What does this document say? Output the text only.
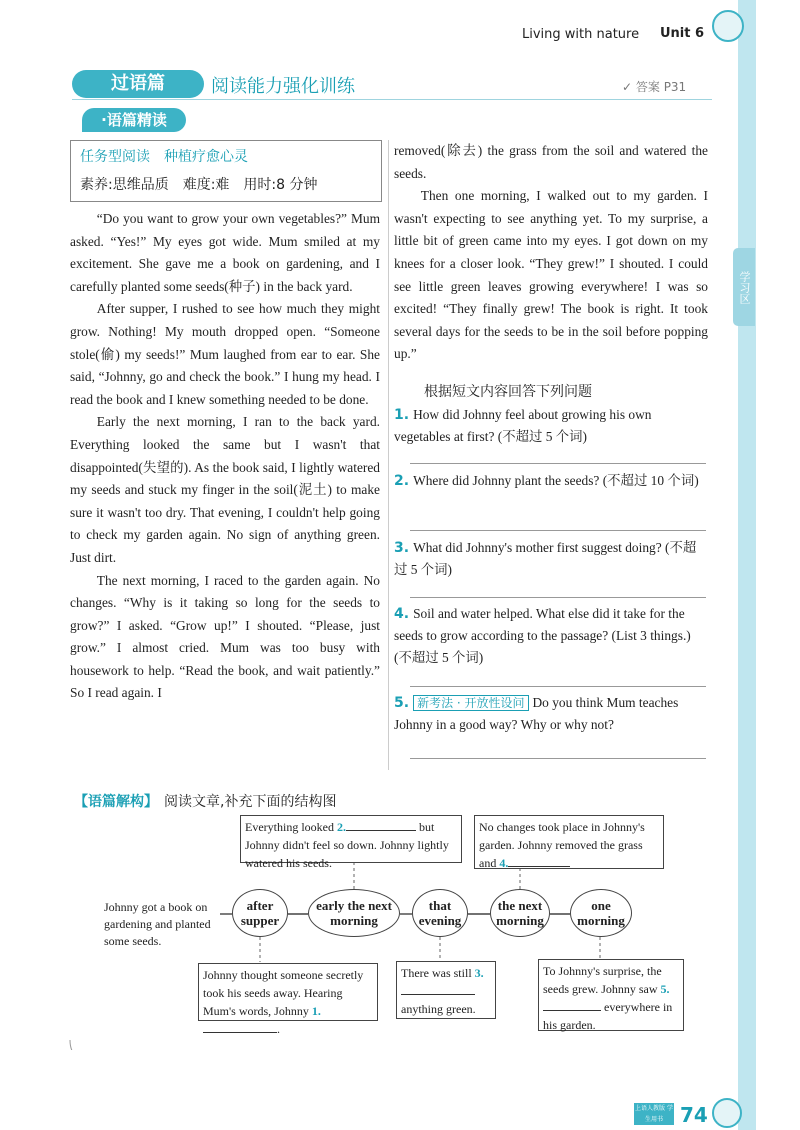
学习区
Living with nature Unit 6
过语篇	阅读能力强化训练	✓ 答案 P31
·语篇精读
任务型阅读　种植疗愈心灵
素养:思维品质　难度:难　用时:8 分钟

“Do you want to grow your own vegetables?” Mum asked. “Yes!” My eyes got wide. Mum smiled at my excitement. She gave me a book on gardening, and I carefully planted some seeds(种子) in the back yard.

After supper, I rushed to see how much they might grow. Nothing! My mouth dropped open. “Someone stole(偷) my seeds!” Mum laughed from ear to ear. She said, “Johnny, go and check the book.” I hung my head. I read the book and I knew something needed to be done.

Early the next morning, I ran to the back yard. Everything looked the same but I wasn't that disappointed(失望的). As the book said, I lightly watered my seeds and stuck my finger in the soil(泥土) to make sure it wasn't too dry. That evening, I couldn't help going to check my garden again. No sign of anything green. Just dirt.

The next morning, I raced to the garden again. No changes. “Why is it taking so long for the seeds to grow?” I asked. “Grow up!” I shouted. “Please, just grow.” I almost cried. Mum was too busy with housework to help. “Read the book, and wait patiently.” So I read again. I

removed(除去) the grass from the soil and watered the seeds.

Then one morning, I walked out to my garden. I wasn't expecting to see anything yet. To my surprise, a little bit of green came into my eyes. I got down on my knees for a closer look. “They grew!” I shouted. I could see little green leaves growing everywhere! I was so excited! “They finally grew! The book is right. It took several days for the seeds to be in the soil before popping up.”

根据短文内容回答下列问题
1. How did Johnny feel about growing his own vegetables at first? (不超过 5 个词)
2. Where did Johnny plant the seeds? (不超过 10 个词)
3. What did Johnny's mother first suggest doing? (不超过 5 个词)
4. Soil and water helped. What else did it take for the seeds to grow according to the passage? (List 3 things.) (不超过 5 个词)
5. 新考法 · 开放性设问 Do you think Mum teaches Johnny in a good way? Why or why not?
【语篇解构】 阅读文章,补充下面的结构图
Johnny got a book on gardening and planted some seeds.
after supper
early the next morning
that evening
the next morning
one morning
Everything looked 2.	but Johnny didn't feel so down. Johnny lightly watered his seeds.
No changes took place in Johnny's garden. Johnny removed the grass and 4.
Johnny thought someone secretly took his seeds away. Hearing Mum's words, Johnny 1..
There was still 3. anything green.
To Johnny's surprise, the seeds grew. Johnny saw 5. everywhere in his garden.
上语人教版 学生用书 74
